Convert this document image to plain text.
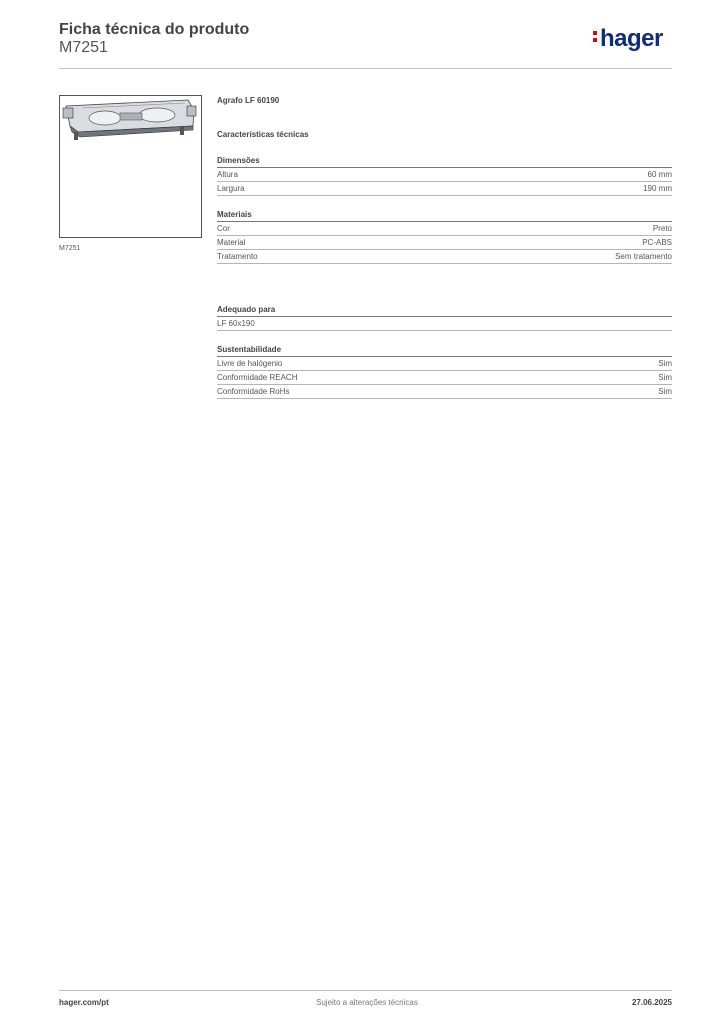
Ficha técnica do produto
M7251	hager
M7251
Agrafo LF 60190
Características técnicas
Dimensões
Altura	60 mm
Largura	190 mm
Materiais
Cor	Preto
Material	PC-ABS
Tratamento	Sem tratamento
Adequado para
LF 60x190
Sustentabilidade
Livre de halógenio	Sim
Conformidade REACH	Sim
Conformidade RoHs	Sim
hager.com/pt	Sujeito a alterações técnicas	27.06.2025
